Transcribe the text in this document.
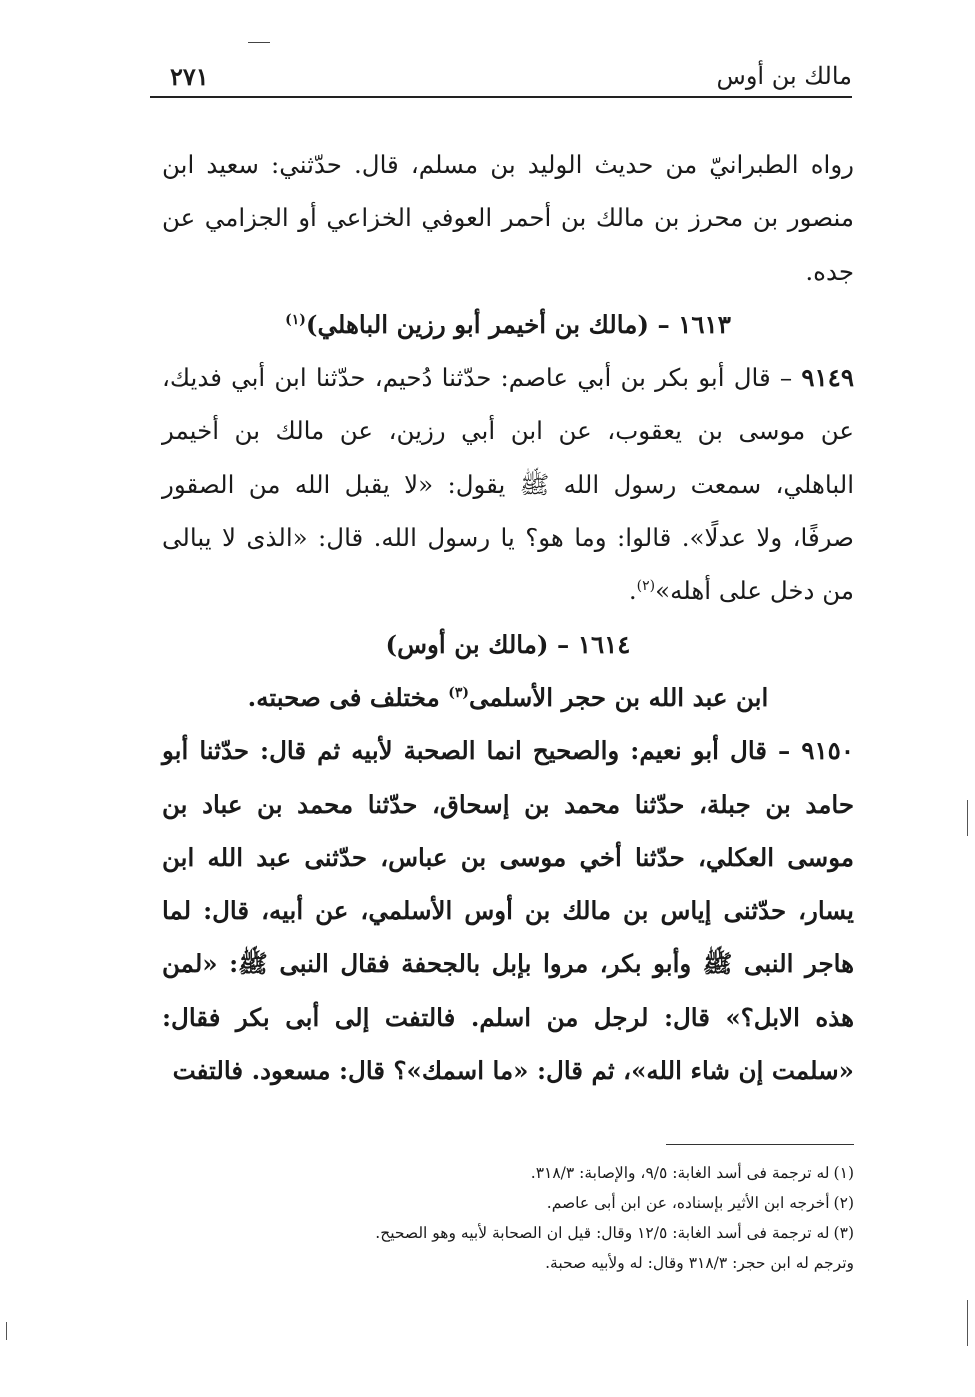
مالك بن أوس
٢٧١

رواه الطبرانيّ من حديث الوليد بن مسلم، قال. حدّثني: سعيد ابن منصور بن محرز بن مالك بن أحمر العوفي الخزاعي أو الجزامي عن جده.

١٦١٣ – (مالك بن أخيمر أبو رزين الباهلي)$^{(١)}$

٩١٤٩ – قال أبو بكر بن أبي عاصم: حدّثنا دُحيم، حدّثنا ابن أبي فديك، عن موسى بن يعقوب، عن ابن أبي رزين، عن مالك بن أخيمر الباهلي، سمعت رسول الله ﷺ يقول: «لا يقبل الله من الصقور صرفًا، ولا عدلًا». قالوا: وما هو؟ يا رسول الله. قال: «الذى لا يبالى من دخل على أهله»$^{(٢)}$.

١٦١٤ – (مالك بن أوس)

ابن عبد الله بن حجر الأسلمى$^{(٣)}$ مختلف فى صحبته.

٩١٥٠ – قال أبو نعيم: والصحيح انما الصحبة لأبيه ثم قال: حدّثنا أبو حامد بن جبلة، حدّثنا محمد بن إسحاق، حدّثنا محمد بن عباد بن موسى العكلي، حدّثنا أخي موسى بن عباس، حدّثنى عبد الله ابن يسار، حدّثنى إياس بن مالك بن أوس الأسلمي، عن أبيه، قال: لما هاجر النبى ﷺ وأبو بكر، مروا بإبل بالجحفة فقال النبى ﷺ: «لمن هذه الابل؟» قال: لرجل من اسلم. فالتفت إلى أبى بكر فقال: «سلمت إن شاء الله»، ثم قال: «ما اسمك»؟ قال: مسعود. فالتفت

(١)له ترجمة فى أسد الغابة: ٩/٥، والإصابة: ٣١٨/٣.

(٢)أخرجه ابن الأثير بإسناده، عن ابن أبى عاصم.

(٣)له ترجمة فى أسد الغابة: ١٢/٥ وقال: قيل ان الصحابة لأبيه وهو الصحيح.

وترجم له ابن حجر: ٣١٨/٣ وقال: له ولأبيه صحبة.
